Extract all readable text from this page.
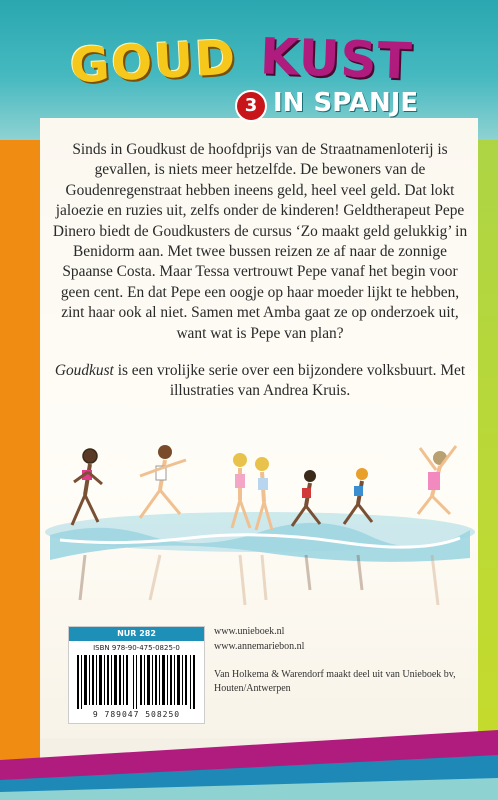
GOUD KUST
3 IN SPANJE

Sinds in Goudkust de hoofdprijs van de Straatnamenloterij is gevallen, is niets meer hetzelfde. De bewoners van de Goudenregenstraat hebben ineens geld, heel veel geld. Dat lokt jaloezie en ruzies uit, zelfs onder de kinderen! Geldtherapeut Pepe Dinero biedt de Goudkusters de cursus ‘Zo maakt geld gelukkig’ in Benidorm aan. Met twee bussen reizen ze af naar de zonnige Spaanse Costa. Maar Tessa vertrouwt Pepe vanaf het begin voor geen cent. En dat Pepe een oogje op haar moeder lijkt te hebben, zint haar ook al niet. Samen met Amba gaat ze op onderzoek uit, want wat is Pepe van plan?

Goudkust is een vrolijke serie over een bijzondere volksbuurt. Met illustraties van Andrea Kruis.

NUR 282
ISBN 978-90-475-0825-0
9 789047 508250
www.unieboek.nl
www.annemariebon.nl
Van Holkema & Warendorf maakt deel uit van Unieboek bv, Houten/Antwerpen
